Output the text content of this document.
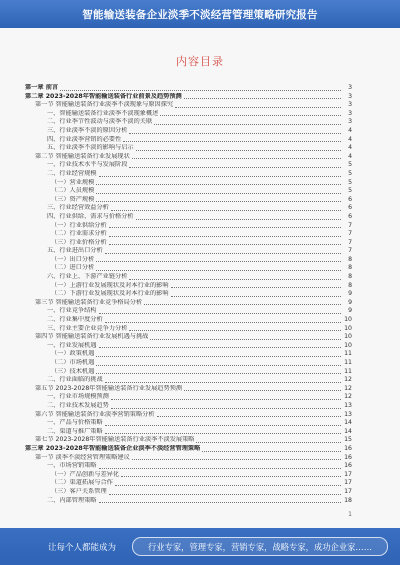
智能输送装备企业淡季不淡经营管理策略研究报告
内容目录
第一章 前言	3
第二章 2023-2028年智能输送装备行业前景及趋势预测	3
第一节 智能输送装备行业淡季不淡现象与原因探究	3
一、智能输送装备行业淡季不淡现象概述	3
二、行业季节性波动与淡季不淡的关联	3
三、行业淡季不淡的原因分析	4
四、行业淡季营销的必要性	4
五、行业淡季不淡的影响与启示	4
第二节 智能输送装备行业发展现状	4
一、行业技术水平与发展阶段	5
二、行业经营规模	5
（一）营业规模	5
（二）人员规模	5
（三）资产规模	6
三、行业经营效益分析	6
四、行业供给、需求与价格分析	6
（一）行业供给分析	7
（二）行业需求分析	7
（三）行业价格分析	7
五、行业进出口分析	7
（一）出口分析	8
（二）进口分析	8
六、行业上、下游产业链分析	8
（一）上游行业发展现状及对本行业的影响	8
（二）下游行业发展现状及对本行业的影响	9
第三节 智能输送装备行业竞争格局分析	9
一、行业竞争结构	9
二、行业集中度分析	10
三、行业主要企业竞争力分析	10
第四节 智能输送装备行业发展机遇与挑战	10
一、行业发展机遇	10
（一）政策机遇	11
（二）市场机遇	11
（三）技术机遇	11
二、行业面临的挑战	12
第五节 2023-2028年智能输送装备行业发展趋势预测	12
一、行业市场规模预测	12
二、行业技术发展趋势	13
第六节 智能输送装备行业淡季营销策略分析	13
一、产品与价格策略	14
二、渠道与推广策略	14
第七节 2023-2028年智能输送装备行业淡季不淡发展策略	15
第三章 2023-2028年智能输送装备企业淡季不淡经营管理策略	16
第一节 淡季不淡经营管理策略建议	16
一、市场营销策略	16
（一）产品创新与差异化	17
（二）渠道拓展与合作	17
（三）客户关系管理	17
二、内部管理策略	18
1
让每个人都能成为	行业专家，管理专家，营销专家，战略专家，成功企业家……
